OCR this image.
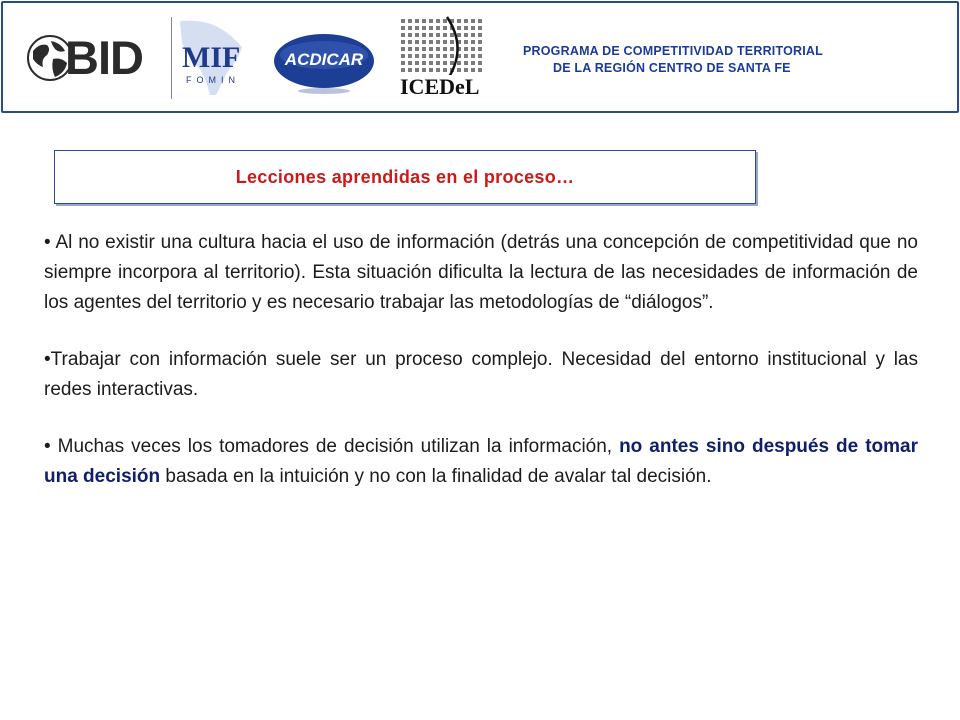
BID MIF
FOMIN
ACDICAR
ICEDeL
PROGRAMA DE COMPETITIVIDAD TERRITORIAL
DE LA REGIÓN CENTRO DE SANTA FE
Lecciones aprendidas en el proceso…

• Al no existir una cultura hacia el uso de información (detrás una concepción de competitividad que no siempre incorpora al territorio). Esta situación dificulta la lectura de las necesidades de información de los agentes del territorio y es necesario trabajar las metodologías de “diálogos”.

•Trabajar con información suele ser un proceso complejo. Necesidad del entorno institucional y las redes interactivas.

• Muchas veces los tomadores de decisión utilizan la información, no antes sino después de tomar una decisión basada en la intuición y no con la finalidad de avalar tal decisión.
